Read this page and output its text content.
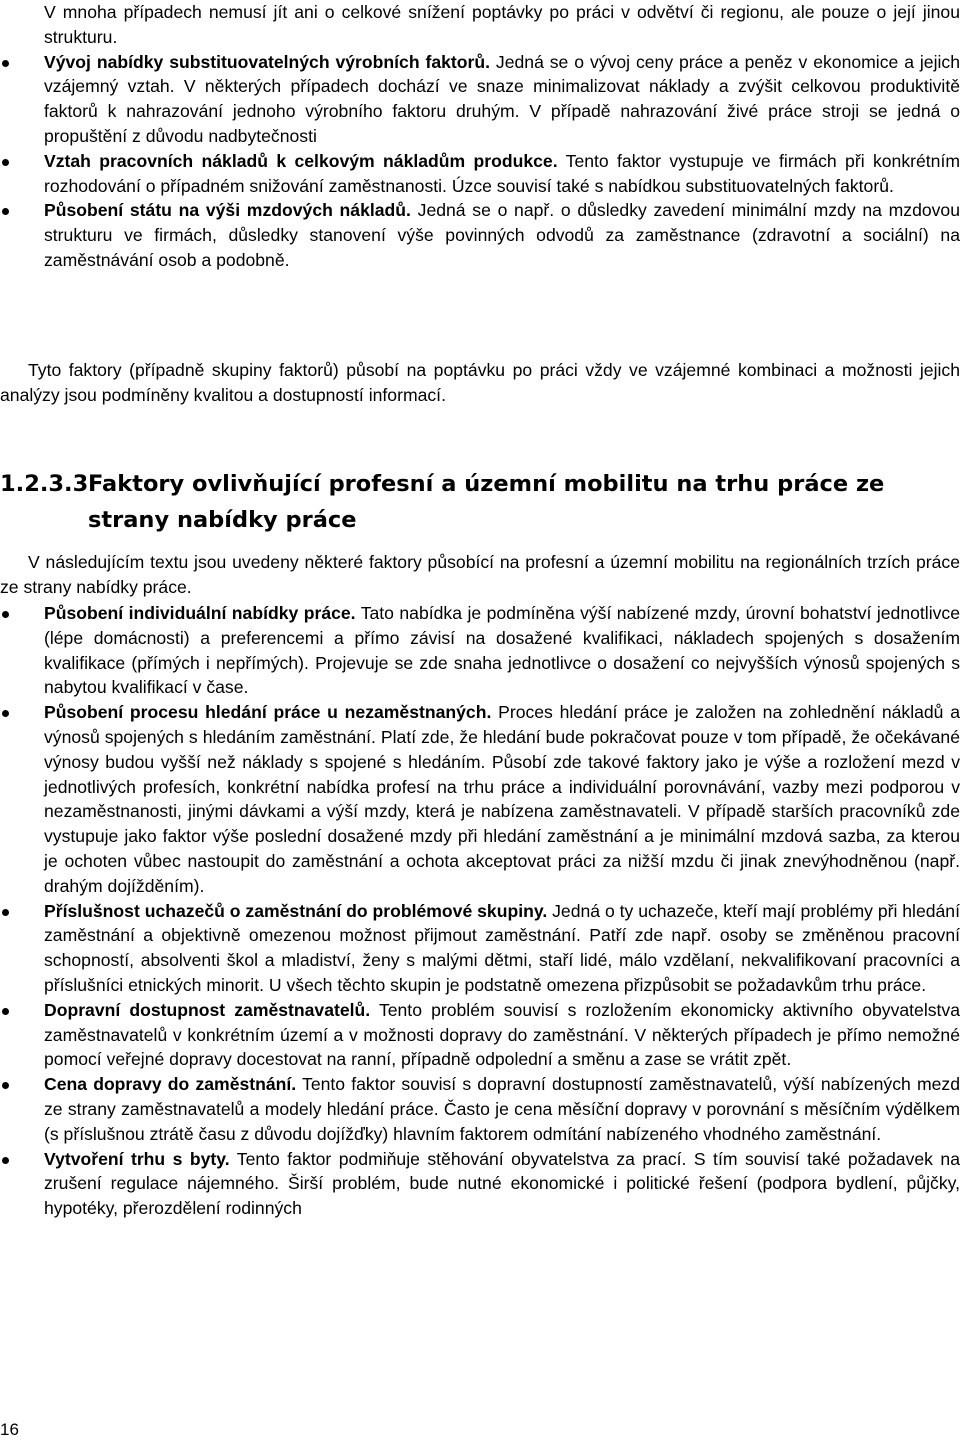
V mnoha případech nemusí jít ani o celkové snížení poptávky po práci v odvětví či regionu, ale pouze o její jinou strukturu.

Vývoj nabídky substituovatelných výrobních faktorů. Jedná se o vývoj ceny práce a peněz v ekonomice a jejich vzájemný vztah. V některých případech dochází ve snaze minimalizovat náklady a zvýšit celkovou produktivitě faktorů k nahrazování jednoho výrobního faktoru druhým. V případě nahrazování živé práce stroji se jedná o propuštění z důvodu nadbytečnosti
Vztah pracovních nákladů k celkovým nákladům produkce. Tento faktor vystupuje ve firmách při konkrétním rozhodování o případném snižování zaměstnanosti. Úzce souvisí také s nabídkou substituovatelných faktorů.
Působení státu na výši mzdových nákladů. Jedná se o např. o důsledky zavedení minimální mzdy na mzdovou strukturu ve firmách, důsledky stanovení výše povinných odvodů za zaměstnance (zdravotní a sociální) na zaměstnávání osob a podobně.

Tyto faktory (případně skupiny faktorů) působí na poptávku po práci vždy ve vzájemné kombinaci a možnosti jejich analýzy jsou podmíněny kvalitou a dostupností informací.

1.2.3.3Faktory ovlivňující profesní a územní mobilitu na trhu práce ze
strany nabídky práce

V následujícím textu jsou uvedeny některé faktory působící na profesní a územní mobilitu na regionálních trzích práce ze strany nabídky práce.

Působení individuální nabídky práce. Tato nabídka je podmíněna výší nabízené mzdy, úrovní bohatství jednotlivce (lépe domácnosti) a preferencemi a přímo závisí na dosažené kvalifikaci, nákladech spojených s dosažením kvalifikace (přímých i nepřímých). Projevuje se zde snaha jednotlivce o dosažení co nejvyšších výnosů spojených s nabytou kvalifikací v čase.
Působení procesu hledání práce u nezaměstnaných. Proces hledání práce je založen na zohlednění nákladů a výnosů spojených s hledáním zaměstnání. Platí zde, že hledání bude pokračovat pouze v tom případě, že očekávané výnosy budou vyšší než náklady s spojené s hledáním. Působí zde takové faktory jako je výše a rozložení mezd v jednotlivých profesích, konkrétní nabídka profesí na trhu práce a individuální porovnávání, vazby mezi podporou v nezaměstnanosti, jinými dávkami a výší mzdy, která je nabízena zaměstnavateli. V případě starších pracovníků zde vystupuje jako faktor výše poslední dosažené mzdy při hledání zaměstnání a je minimální mzdová sazba, za kterou je ochoten vůbec nastoupit do zaměstnání a ochota akceptovat práci za nižší mzdu či jinak znevýhodněnou (např. drahým dojížděním).
Příslušnost uchazečů o zaměstnání do problémové skupiny. Jedná o ty uchazeče, kteří mají problémy při hledání zaměstnání a objektivně omezenou možnost přijmout zaměstnání. Patří zde např. osoby se změněnou pracovní schopností, absolventi škol a mladiství, ženy s malými dětmi, staří lidé, málo vzdělaní, nekvalifikovaní pracovníci a příslušníci etnických minorit. U všech těchto skupin je podstatně omezena přizpůsobit se požadavkům trhu práce.
Dopravní dostupnost zaměstnavatelů. Tento problém souvisí s rozložením ekonomicky aktivního obyvatelstva zaměstnavatelů v konkrétním území a v možnosti dopravy do zaměstnání. V některých případech je přímo nemožné pomocí veřejné dopravy docestovat na ranní, případně odpolední a směnu a zase se vrátit zpět.
Cena dopravy do zaměstnání. Tento faktor souvisí s dopravní dostupností zaměstnavatelů, výší nabízených mezd ze strany zaměstnavatelů a modely hledání práce. Často je cena měsíční dopravy v porovnání s měsíčním výdělkem (s příslušnou ztrátě času z důvodu dojížďky) hlavním faktorem odmítání nabízeného vhodného zaměstnání.
Vytvoření trhu s byty. Tento faktor podmiňuje stěhování obyvatelstva za prací. S tím souvisí také požadavek na zrušení regulace nájemného. Širší problém, bude nutné ekonomické i politické řešení (podpora bydlení, půjčky, hypotéky, přerozdělení rodinných
16
